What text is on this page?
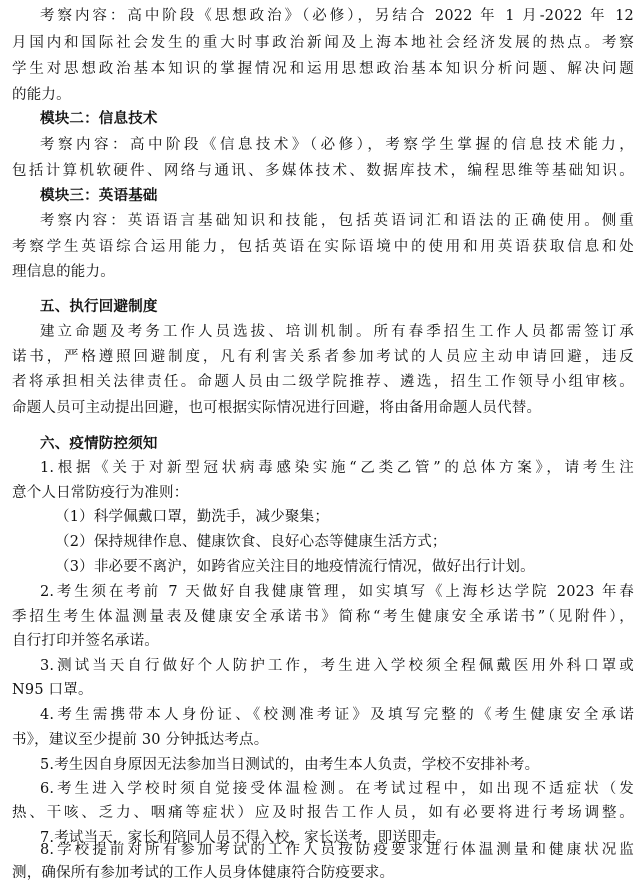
考察内容：高中阶段《思想政治》（必修），另结合 2022 年 1 月-2022 年 12
月国内和国际社会发生的重大时事政治新闻及上海本地社会经济发展的热点。考察
学生对思想政治基本知识的掌握情况和运用思想政治基本知识分析问题、解决问题
的能力。
模块二：信息技术
考察内容：高中阶段《信息技术》（必修），考察学生掌握的信息技术能力，
包括计算机软硬件、网络与通讯、多媒体技术、数据库技术，编程思维等基础知识。
模块三：英语基础
考察内容：英语语言基础知识和技能，包括英语词汇和语法的正确使用。侧重
考察学生英语综合运用能力，包括英语在实际语境中的使用和用英语获取信息和处
理信息的能力。
五、执行回避制度
建立命题及考务工作人员选拔、培训机制。所有春季招生工作人员都需签订承
诺书，严格遵照回避制度，凡有利害关系者参加考试的人员应主动申请回避，违反
者将承担相关法律责任。命题人员由二级学院推荐、遴选，招生工作领导小组审核。
命题人员可主动提出回避，也可根据实际情况进行回避，将由备用命题人员代替。
六、疫情防控须知
1.根据《关于对新型冠状病毒感染实施“乙类乙管”的总体方案》，请考生注
意个人日常防疫行为准则：
（1）科学佩戴口罩，勤洗手，减少聚集；
（2）保持规律作息、健康饮食、良好心态等健康生活方式；
（3）非必要不离沪，如跨省应关注目的地疫情流行情况，做好出行计划。
2.考生须在考前 7 天做好自我健康管理，如实填写《上海杉达学院 2023 年春
季招生考生体温测量表及健康安全承诺书》简称“考生健康安全承诺书”（见附件），
自行打印并签名承诺。
3.测试当天自行做好个人防护工作，考生进入学校须全程佩戴医用外科口罩或
N95 口罩。
4.考生需携带本人身份证、《校测准考证》及填写完整的《考生健康安全承诺
书》，建议至少提前 30 分钟抵达考点。
5.考生因自身原因无法参加当日测试的，由考生本人负责，学校不安排补考。
6.考生进入学校时须自觉接受体温检测。在考试过程中，如出现不适症状（发
热、干咳、乏力、咽痛等症状）应及时报告工作人员，如有必要将进行考场调整。
7.考试当天，家长和陪同人员不得入校，家长送考，即送即走。
8.学校提前对所有参加考试的工作人员按防疫要求进行体温测量和健康状况监
测，确保所有参加考试的工作人员身体健康符合防疫要求。
